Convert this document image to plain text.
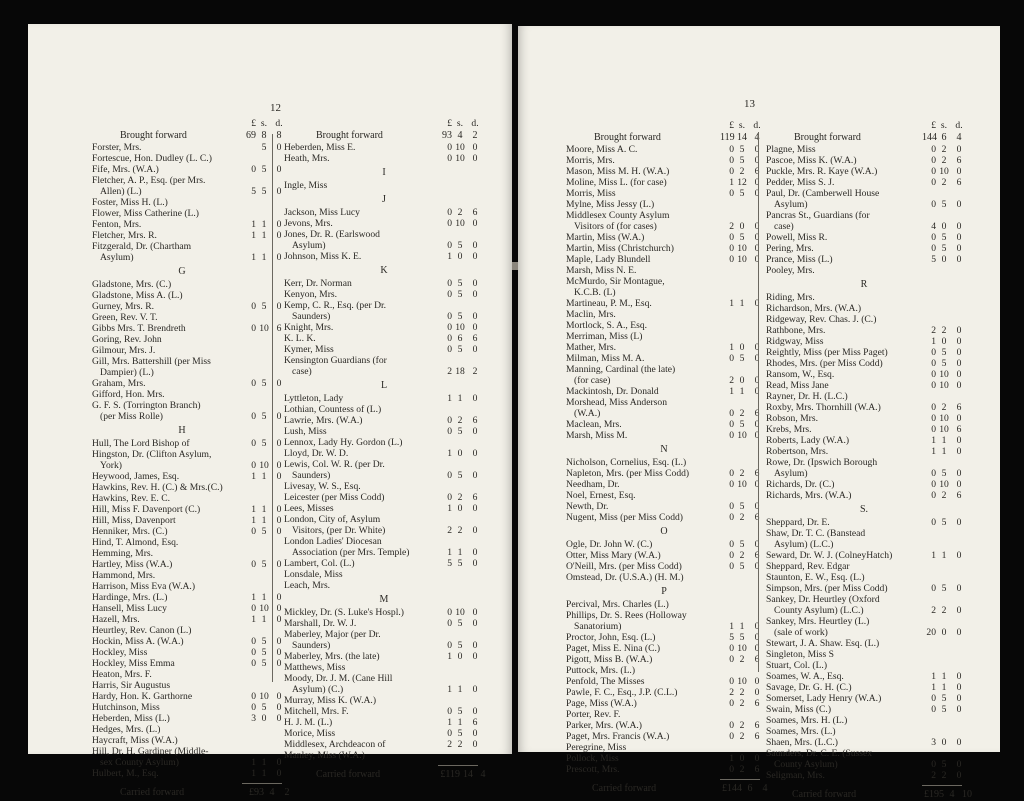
12
£ s. d.
Brought forward	69 8 8
Forster, Mrs.	5 0
Fortescue, Hon. Dudley (L. C.)
Fife, Mrs. (W.A.)	0 5 0
Fletcher, A. P., Esq. (per Mrs.
Allen) (L.)	5 5 0
Foster, Miss H. (L.)
Flower, Miss Catherine (L.)
Fenton, Mrs.	1 1 0
Fletcher, Mrs. R.	1 1 0
Fitzgerald, Dr. (Chartham
Asylum)	1 1 0
G
Gladstone, Mrs. (C.)
Gladstone, Miss A. (L.)
Gurney, Mrs. R.	0 5 0
Green, Rev. V. T.
Gibbs Mrs. T. Brendreth	0 10 6
Goring, Rev. John
Gilmour, Mrs. J.
Gill, Mrs. Battershill (per Miss
Dampier) (L.)
Graham, Mrs.	0 5 0
Gifford, Hon. Mrs.
G. F. S. (Torrington Branch)
(per Miss Rolle)	0 5 0
H
Hull, The Lord Bishop of	0 5 0
Hingston, Dr. (Clifton Asylum,
York)	0 10 0
Heywood, James, Esq.	1 1 0
Hawkins, Rev. H. (C.) & Mrs.(C.)
Hawkins, Rev. E. C.
Hill, Miss F. Davenport (C.)	1 1 0
Hill, Miss, Davenport	1 1 0
Henniker, Mrs. (C.)	0 5 0
Hind, T. Almond, Esq.
Hemming, Mrs.
Hartley, Miss (W.A.)	0 5 0
Hammond, Mrs.
Harrison, Miss Eva (W.A.)
Hardinge, Mrs. (L.)	1 1 0
Hansell, Miss Lucy	0 10 0
Hazell, Mrs.	1 1 0
Heurtley, Rev. Canon (L.)
Hockin, Miss A. (W.A.)	0 5 0
Hockley, Miss	0 5 0
Hockley, Miss Emma	0 5 0
Heaton, Mrs. F.
Harris, Sir Augustus
Hardy, Hon. K. Garthorne	0 10 0
Hutchinson, Miss	0 5 0
Heberden, Miss (L.)	3 0 0
Hedges, Mrs. (L.)
Haycraft, Miss (W.A.)
Hill, Dr. H. Gardiner (Middle-
sex County Asylum)	1 1 0
Hulbert, M., Esq.	1 1 0
Carried forward	£93 4 2
£ s. d.
Brought forward	93 4 2
Heberden, Miss E.	0 10 0
Heath, Mrs.	0 10 0
I
Ingle, Miss
J
Jackson, Miss Lucy	0 2 6
Jevons, Mrs.	0 10 0
Jones, Dr. R. (Earlswood
Asylum)	0 5 0
Johnson, Miss K. E.	1 0 0
K
Kerr, Dr. Norman	0 5 0
Kenyon, Mrs.	0 5 0
Kemp, C. R., Esq. (per Dr.
Saunders)	0 5 0
Knight, Mrs.	0 10 0
K. L. K.	0 6 6
Kymer, Miss	0 5 0
Kensington Guardians (for
case)	2 18 2
L
Lyttleton, Lady	1 1 0
Lothian, Countess of (L.)
Lawrie, Mrs. (W.A.)	0 2 6
Lush, Miss	0 5 0
Lennox, Lady Hy. Gordon (L.)
Lloyd, Dr. W. D.	1 0 0
Lewis, Col. W. R. (per Dr.
Saunders)	0 5 0
Livesay, W. S., Esq.
Leicester (per Miss Codd)	0 2 6
Lees, Misses	1 0 0
London, City of, Asylum
Visitors, (per Dr. White)	2 2 0
London Ladies' Diocesan
Association (per Mrs. Temple)	1 1 0
Lambert, Col. (L.)	5 5 0
Lonsdale, Miss
Leach, Mrs.
M
Mickley, Dr. (S. Luke's Hospl.)	0 10 0
Marshall, Dr. W. J.	0 5 0
Maberley, Major (per Dr.
Saunders)	0 5 0
Maberley, Mrs. (the late)	1 0 0
Matthews, Miss
Moody, Dr. J. M. (Cane Hill
Asylum) (C.)	1 1 0
Murray, Miss K. (W.A.)
Mitchell, Mrs. F.	0 5 0
H. J. M. (L.)	1 1 6
Morice, Miss	0 5 0
Middlesex, Archdeacon of	2 2 0
Manley, Miss (W.A.)
Carried forward	£119 14 4
13
£ s. d.
Brought forward	119 14 4
Moore, Miss A. C.	0 5 0
Morris, Mrs.	0 5 0
Mason, Miss M. H. (W.A.)	0 2 6
Moline, Miss L. (for case)	1 12 0
Morris, Miss	0 5 0
Mylne, Miss Jessy (L.)
Middlesex County Asylum
Visitors of (for cases)	2 0 0
Martin, Miss (W.A.)	0 5 0
Martin, Miss (Christchurch)	0 10 0
Maple, Lady Blundell	0 10 0
Marsh, Miss N. E.
McMurdo, Sir Montague,
K.C.B. (L)
Martineau, P. M., Esq.	1 1 0
Maclin, Mrs.
Mortlock, S. A., Esq.
Merriman, Miss (L)
Mather, Mrs.	1 0 0
Milman, Miss M. A.	0 5 0
Manning, Cardinal (the late)
(for case)	2 0 0
Mackintosh, Dr. Donald	1 1 0
Morshead, Miss Anderson
(W.A.)	0 2 6
Maclean, Mrs.	0 5 0
Marsh, Miss M.	0 10 0
N
Nicholson, Cornelius, Esq. (L.)
Napleton, Mrs. (per Miss Codd)	0 2 6
Needham, Dr.	0 10 0
Noel, Ernest, Esq.
Newth, Dr.	0 5 0
Nugent, Miss (per Miss Codd)	0 2 6
O
Ogle, Dr. John W. (C.)	0 5 0
Otter, Miss Mary (W.A.)	0 2 6
O'Neill, Mrs. (per Miss Codd)	0 5 0
Omstead, Dr. (U.S.A.) (H. M.)
P
Percival, Mrs. Charles (L.)
Phillips, Dr. S. Rees (Holloway
Sanatorium)	1 1 0
Proctor, John, Esq. (L.)	5 5 0
Paget, Miss E. Nina (C.)	0 10 0
Pigott, Miss B. (W.A.)	0 2 6
Puttock, Mrs. (L.)
Penfold, The Misses	0 10 0
Pawle, F. C., Esq., J.P. (C.L.)	2 2 0
Page, Miss (W.A.)	0 2 6
Porter, Rev. F.
Parker, Mrs. (W.A.)	0 2 6
Paget, Mrs. Francis (W.A.)	0 2 6
Peregrine, Miss
Pollock, Miss	1 0 0
Prescott, Mrs.	0 2 6
Carried forward	£144 6 4
£ s. d.
Brought forward	144 6 4
Plagne, Miss	0 2 0
Pascoe, Miss K. (W.A.)	0 2 6
Puckle, Mrs. R. Kaye (W.A.)	0 10 0
Pedder, Miss S. J.	0 2 6
Paul, Dr. (Camberwell House
Asylum)	0 5 0
Pancras St., Guardians (for
case)	4 0 0
Powell, Miss R.	0 5 0
Pering, Mrs.	0 5 0
Prance, Miss (L.)	5 0 0
Pooley, Mrs.
R
Riding, Mrs.
Richardson, Mrs. (W.A.)
Ridgeway, Rev. Chas. J. (C.)
Rathbone, Mrs.	2 2 0
Ridgway, Miss	1 0 0
Reightly, Miss (per Miss Paget)	0 5 0
Rhodes, Mrs. (per Miss Codd)	0 5 0
Ransom, W., Esq.	0 10 0
Read, Miss Jane	0 10 0
Rayner, Dr. H. (L.C.)
Roxby, Mrs. Thornhill (W.A.)	0 2 6
Robson, Mrs.	0 10 0
Krebs, Mrs.	0 10 6
Roberts, Lady (W.A.)	1 1 0
Robertson, Mrs.	1 1 0
Rowe, Dr. (Ipswich Borough
Asylum)	0 5 0
Richards, Dr. (C.)	0 10 0
Richards, Mrs. (W.A.)	0 2 6
S.
Sheppard, Dr. E.	0 5 0
Shaw, Dr. T. C. (Banstead
Asylum) (L.C.)
Seward, Dr. W. J. (ColneyHatch)	1 1 0
Sheppard, Rev. Edgar
Staunton, E. W., Esq. (L.)
Simpson, Mrs. (per Miss Codd)	0 5 0
Sankey, Dr. Heurtley (Oxford
County Asylum) (L.C.)	2 2 0
Sankey, Mrs. Heurtley (L.)
(sale of work)	20 0 0
Stewart, J. A. Shaw. Esq. (L.)
Singleton, Miss S
Stuart, Col. (L.)
Soames, W. A., Esq.	1 1 0
Savage, Dr. G. H. (C.)	1 1 0
Somerset, Lady Henry (W.A.)	0 5 0
Swain, Miss (C.)	0 5 0
Soames, Mrs. H. (L.)
Soames, Mrs. (L.)
Shaen, Mrs. (L.C.)	3 0 0
Saunders, Dr. C. E. (Sussex
County Asylum)	0 5 0
Seligman, Mrs.	2 2 0
Carried forward	£195 4 10
